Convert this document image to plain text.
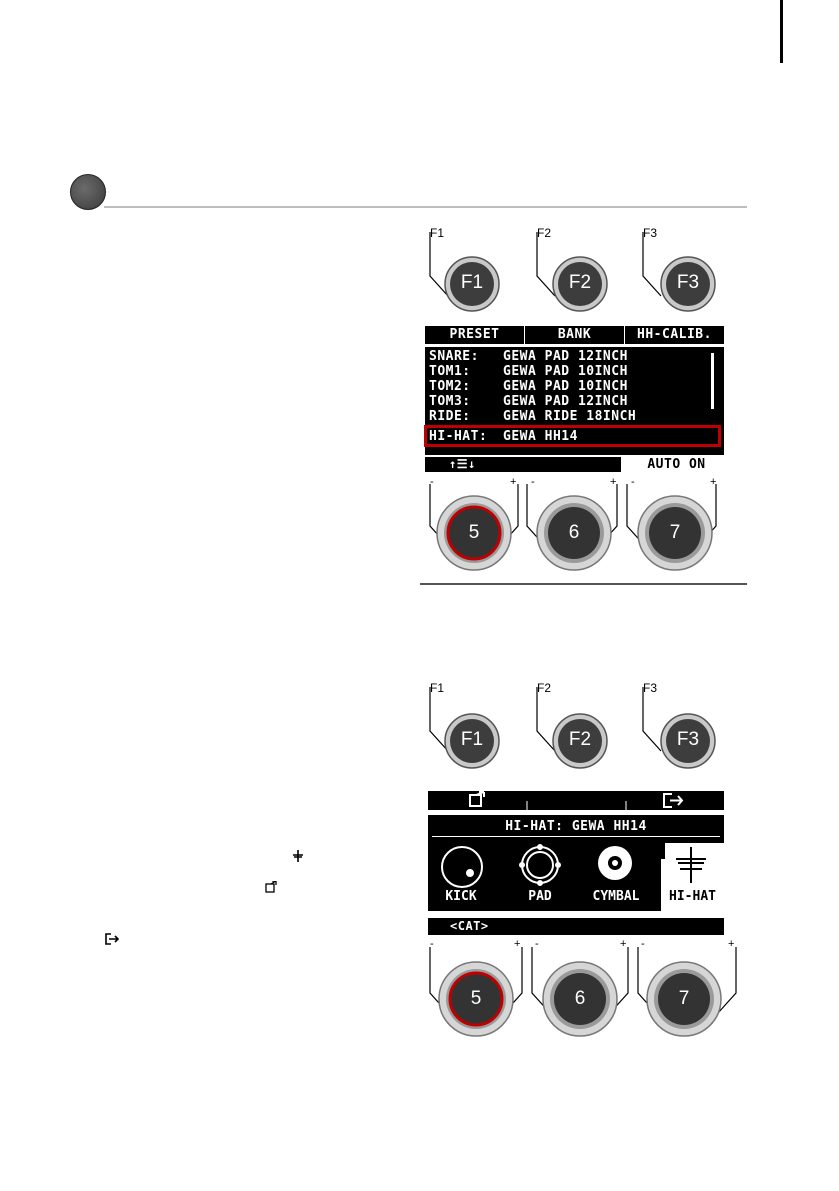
F1	F2	F3
F1	F2	F3
PRESET	BANK	HH-CALIB.
SNARE: GEWA PAD 12INCH
TOM1: GEWA PAD 10INCH
TOM2: GEWA PAD 10INCH
TOM3: GEWA PAD 12INCH
RIDE: GEWA RIDE 18INCH
HI-HAT: GEWA HH14
↑☰↓	AUTO ON
-	+ -	+ -	+
5	6	7
F1	F2	F3
F1	F2	F3
HI-HAT: GEWA HH14
KICK	PAD	CYMBAL	HI-HAT
<CAT>
-	+ -	+ -	+
5	6	7
